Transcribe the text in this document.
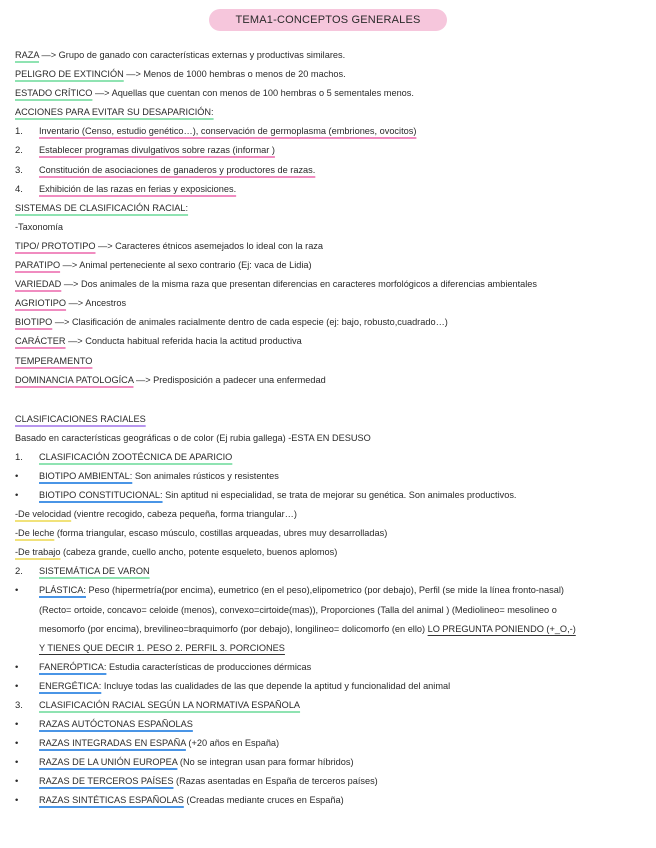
TEMA1-CONCEPTOS GENERALES
RAZA —> Grupo de ganado con características externas y productivas similares.
PELIGRO DE EXTINCIÓN —> Menos de 1000 hembras o menos de 20 machos.
ESTADO CRÍTICO —> Aquellas que cuentan con menos de 100 hembras o 5 sementales menos.
ACCIONES PARA EVITAR SU DESAPARICIÓN:
1. Inventario (Censo, estudio genético…), conservación de germoplasma (embriones, ovocitos)
2. Establecer programas divulgativos sobre razas (informar )
3. Constitución de asociaciones de ganaderos y productores de razas.
4. Exhibición de las razas en ferias y exposiciones.
SISTEMAS DE CLASIFICACIÓN RACIAL:
-Taxonomía
TIPO/ PROTOTIPO —> Caracteres étnicos asemejados lo ideal con la raza
PARATIPO —> Animal perteneciente al sexo contrario (Ej: vaca de Lidia)
VARIEDAD —> Dos animales de la misma raza que presentan diferencias en caracteres morfológicos a diferencias ambientales
AGRIOTIPO —> Ancestros
BIOTIPO —> Clasificación de animales racialmente dentro de cada especie (ej: bajo, robusto,cuadrado…)
CARÁCTER —> Conducta habitual referida hacia la actitud productiva
TEMPERAMENTO
DOMINANCIA PATOLOGÍCA —> Predisposición a padecer una enfermedad
CLASIFICACIONES RACIALES
Basado en características geográficas o de color (Ej rubia gallega) -ESTA EN DESUSO
1. CLASIFICACIÓN ZOOTÉCNICA DE APARICIO
• BIOTIPO AMBIENTAL: Son animales rústicos y resistentes
• BIOTIPO CONSTITUCIONAL: Sin aptitud ni especialidad, se trata de mejorar su genética. Son animales productivos.
-De velocidad (vientre recogido, cabeza pequeña, forma triangular…)
-De leche (forma triangular, escaso músculo, costillas arqueadas, ubres muy desarrolladas)
-De trabajo (cabeza grande, cuello ancho, potente esqueleto, buenos aplomos)
2. SISTEMÁTICA DE VARON
• PLÁSTICA: Peso (hipermetría(por encima), eumetrico (en el peso),elipometrico (por debajo), Perfil (se mide la línea fronto-nasal)
(Recto= ortoide, concavo= celoide (menos), convexo=cirtoide(mas)), Proporciones (Talla del animal ) (Mediolineo= mesolineo o
mesomorfo (por encima), brevilineo=braquimorfo (por debajo), longilineo= dolicomorfo (en ello) LO PREGUNTA PONIENDO (+_O,-)
Y TIENES QUE DECIR 1. PESO 2. PERFIL 3. PORCIONES
• FANERÓPTICA: Estudia características de producciones dérmicas
• ENERGÉTICA: Incluye todas las cualidades de las que depende la aptitud y funcionalidad del animal
3. CLASIFICACIÓN RACIAL SEGÚN LA NORMATIVA ESPAÑOLA
• RAZAS AUTÓCTONAS ESPAÑOLAS
• RAZAS INTEGRADAS EN ESPAÑA (+20 años en España)
• RAZAS DE LA UNIÓN EUROPEA (No se integran usan para formar híbridos)
• RAZAS DE TERCEROS PAÍSES (Razas asentadas en España de terceros países)
• RAZAS SINTÉTICAS ESPAÑOLAS (Creadas mediante cruces en España)
